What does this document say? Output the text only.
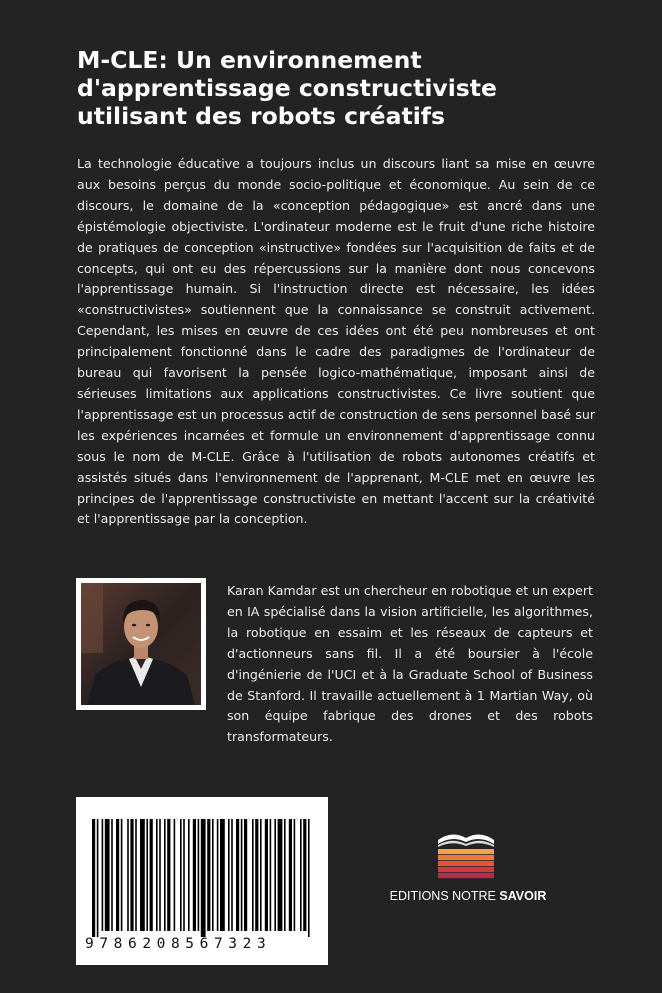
M-CLE: Un environnement
d'apprentissage constructiviste
utilisant des robots créatifs

La technologie éducative a toujours inclus un discours liant sa mise en œuvre aux besoins perçus du monde socio-politique et économique. Au sein de ce discours, le domaine de la «conception pédagogique» est ancré dans une épistémologie objectiviste. L'ordinateur moderne est le fruit d'une riche histoire de pratiques de conception «instructive» fondées sur l'acquisition de faits et de concepts, qui ont eu des répercussions sur la manière dont nous concevons l'apprentissage humain. Si l'instruction directe est nécessaire, les idées «constructivistes» soutiennent que la connaissance se construit activement. Cependant, les mises en œuvre de ces idées ont été peu nombreuses et ont principalement fonctionné dans le cadre des paradigmes de l'ordinateur de bureau qui favorisent la pensée logico-mathématique, imposant ainsi de sérieuses limitations aux applications constructivistes. Ce livre soutient que l'apprentissage est un processus actif de construction de sens personnel basé sur les expériences incarnées et formule un environnement d'apprentissage connu sous le nom de M-CLE. Grâce à l'utilisation de robots autonomes créatifs et assistés situés dans l'environnement de l'apprenant, M-CLE met en œuvre les principes de l'apprentissage constructiviste en mettant l'accent sur la créativité et l'apprentissage par la conception.

Karan Kamdar est un chercheur en robotique et un expert en IA spécialisé dans la vision artificielle, les algorithmes, la robotique en essaim et les réseaux de capteurs et d'actionneurs sans fil. Il a été boursier à l'école d'ingénierie de l'UCI et à la Graduate School of Business de Stanford. Il travaille actuellement à 1 Martian Way, où son équipe fabrique des drones et des robots transformateurs.

9786208567323
EDITIONS NOTRE SAVOIR
